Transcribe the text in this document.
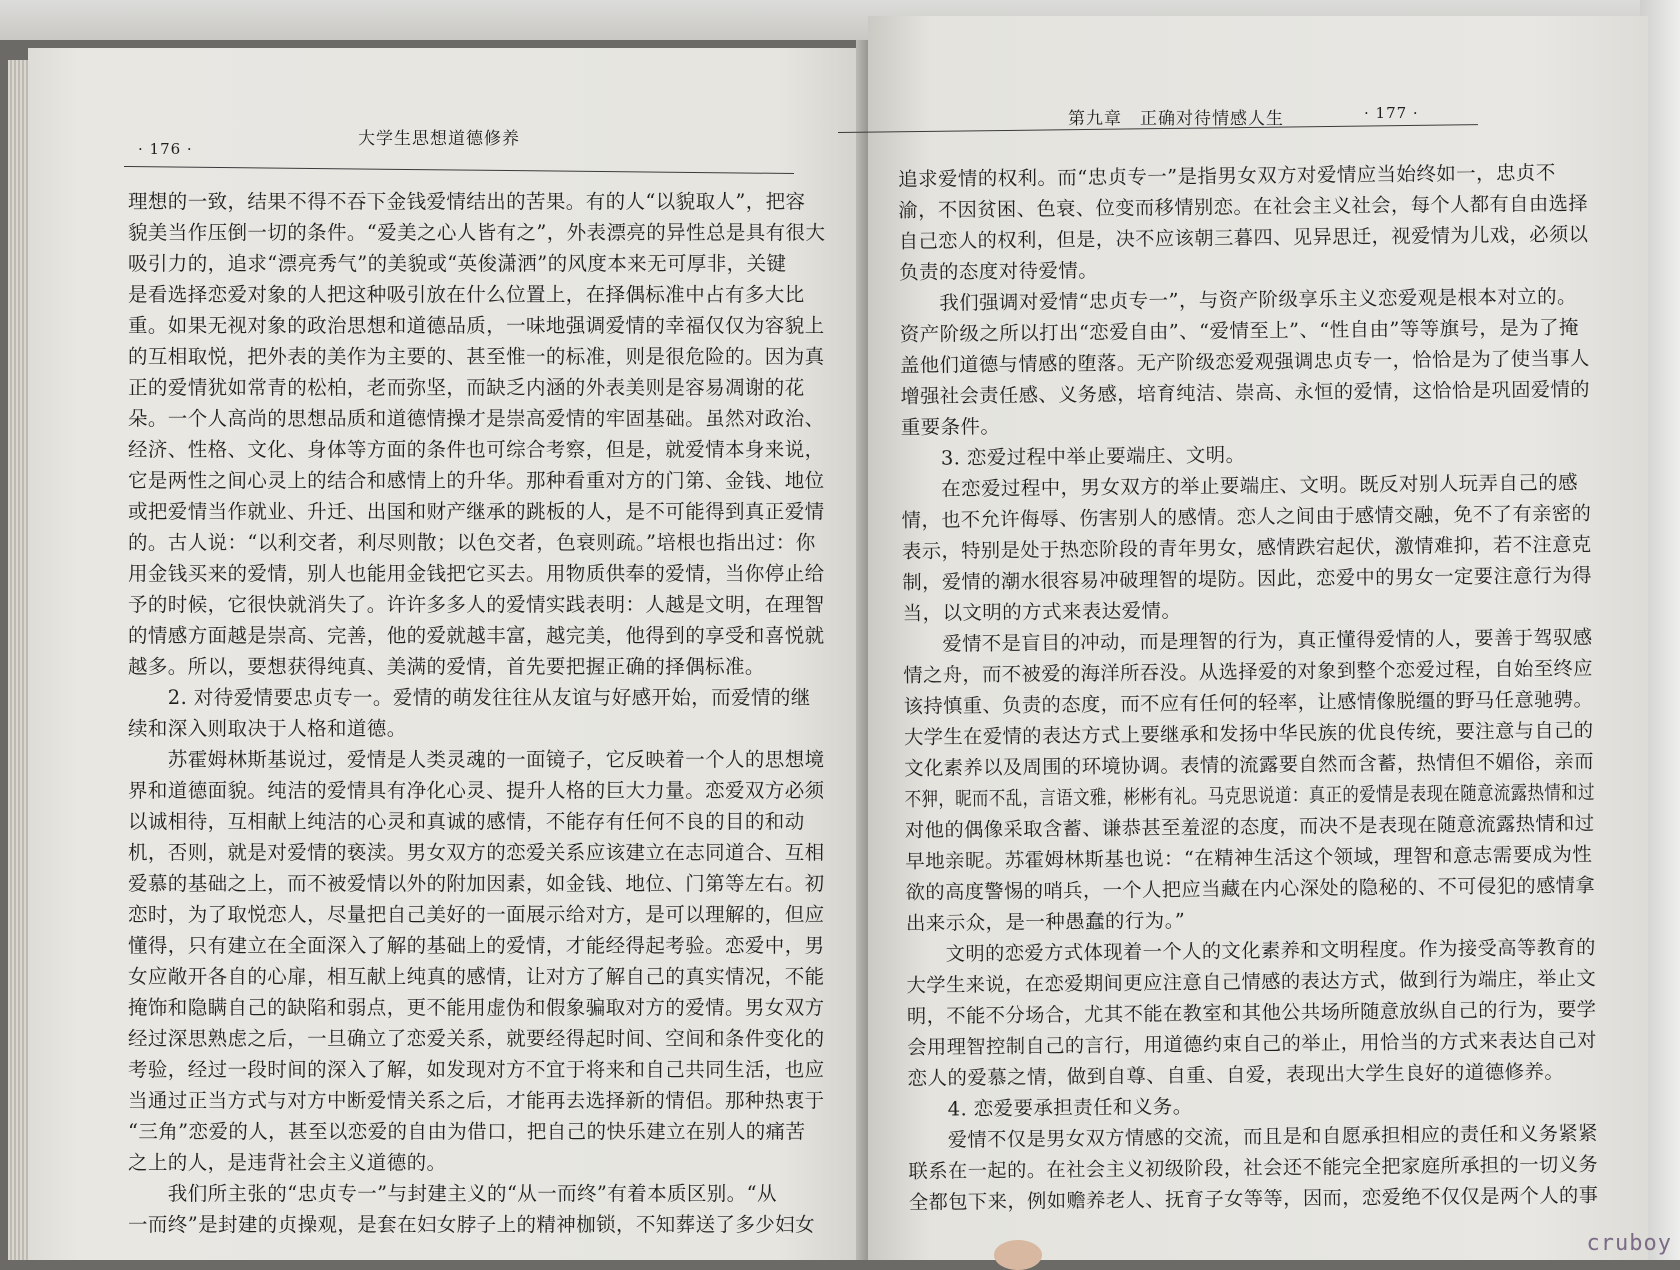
· 176 ·	大学生思想道德修养

理想的一致，结果不得不吞下金钱爱情结出的苦果。有的人“以貌取人”，把容

貌美当作压倒一切的条件。“爱美之心人皆有之”，外表漂亮的异性总是具有很大

吸引力的，追求“漂亮秀气”的美貌或“英俊潇洒”的风度本来无可厚非，关键

是看选择恋爱对象的人把这种吸引放在什么位置上，在择偶标准中占有多大比

重。如果无视对象的政治思想和道德品质，一味地强调爱情的幸福仅仅为容貌上

的互相取悦，把外表的美作为主要的、甚至惟一的标准，则是很危险的。因为真

正的爱情犹如常青的松柏，老而弥坚，而缺乏内涵的外表美则是容易凋谢的花

朵。一个人高尚的思想品质和道德情操才是崇高爱情的牢固基础。虽然对政治、

经济、性格、文化、身体等方面的条件也可综合考察，但是，就爱情本身来说，

它是两性之间心灵上的结合和感情上的升华。那种看重对方的门第、金钱、地位

或把爱情当作就业、升迁、出国和财产继承的跳板的人，是不可能得到真正爱情

的。古人说：“以利交者，利尽则散；以色交者，色衰则疏。”培根也指出过：你

用金钱买来的爱情，别人也能用金钱把它买去。用物质供奉的爱情，当你停止给

予的时候，它很快就消失了。许许多多人的爱情实践表明：人越是文明，在理智

的情感方面越是崇高、完善，他的爱就越丰富，越完美，他得到的享受和喜悦就

越多。所以，要想获得纯真、美满的爱情，首先要把握正确的择偶标准。

　　2. 对待爱情要忠贞专一。爱情的萌发往往从友谊与好感开始，而爱情的继

续和深入则取决于人格和道德。

　　苏霍姆林斯基说过，爱情是人类灵魂的一面镜子，它反映着一个人的思想境

界和道德面貌。纯洁的爱情具有净化心灵、提升人格的巨大力量。恋爱双方必须

以诚相待，互相献上纯洁的心灵和真诚的感情，不能存有任何不良的目的和动

机，否则，就是对爱情的亵渎。男女双方的恋爱关系应该建立在志同道合、互相

爱慕的基础之上，而不被爱情以外的附加因素，如金钱、地位、门第等左右。初

恋时，为了取悦恋人，尽量把自己美好的一面展示给对方，是可以理解的，但应

懂得，只有建立在全面深入了解的基础上的爱情，才能经得起考验。恋爱中，男

女应敞开各自的心扉，相互献上纯真的感情，让对方了解自己的真实情况，不能

掩饰和隐瞒自己的缺陷和弱点，更不能用虚伪和假象骗取对方的爱情。男女双方

经过深思熟虑之后，一旦确立了恋爱关系，就要经得起时间、空间和条件变化的

考验，经过一段时间的深入了解，如发现对方不宜于将来和自己共同生活，也应

当通过正当方式与对方中断爱情关系之后，才能再去选择新的情侣。那种热衷于

“三角”恋爱的人，甚至以恋爱的自由为借口，把自己的快乐建立在别人的痛苦

之上的人，是违背社会主义道德的。

　　我们所主张的“忠贞专一”与封建主义的“从一而终”有着本质区别。“从

一而终”是封建的贞操观，是套在妇女脖子上的精神枷锁，不知葬送了多少妇女

第九章　正确对待情感人生	· 177 ·

追求爱情的权利。而“忠贞专一”是指男女双方对爱情应当始终如一，忠贞不

渝，不因贫困、色衰、位变而移情别恋。在社会主义社会，每个人都有自由选择

自己恋人的权利，但是，决不应该朝三暮四、见异思迁，视爱情为儿戏，必须以

负责的态度对待爱情。

　　我们强调对爱情“忠贞专一”，与资产阶级享乐主义恋爱观是根本对立的。

资产阶级之所以打出“恋爱自由”、“爱情至上”、“性自由”等等旗号，是为了掩

盖他们道德与情感的堕落。无产阶级恋爱观强调忠贞专一，恰恰是为了使当事人

增强社会责任感、义务感，培育纯洁、崇高、永恒的爱情，这恰恰是巩固爱情的

重要条件。

　　3. 恋爱过程中举止要端庄、文明。

　　在恋爱过程中，男女双方的举止要端庄、文明。既反对别人玩弄自己的感

情，也不允许侮辱、伤害别人的感情。恋人之间由于感情交融，免不了有亲密的

表示，特别是处于热恋阶段的青年男女，感情跌宕起伏，激情难抑，若不注意克

制，爱情的潮水很容易冲破理智的堤防。因此，恋爱中的男女一定要注意行为得

当，以文明的方式来表达爱情。

　　爱情不是盲目的冲动，而是理智的行为，真正懂得爱情的人，要善于驾驭感

情之舟，而不被爱的海洋所吞没。从选择爱的对象到整个恋爱过程，自始至终应

该持慎重、负责的态度，而不应有任何的轻率，让感情像脱缰的野马任意驰骋。

大学生在爱情的表达方式上要继承和发扬中华民族的优良传统，要注意与自己的

文化素养以及周围的环境协调。表情的流露要自然而含蓄，热情但不媚俗，亲而

不狎，昵而不乱，言语文雅，彬彬有礼。马克思说道：真正的爱情是表现在随意流露热情和过

对他的偶像采取含蓄、谦恭甚至羞涩的态度，而决不是表现在随意流露热情和过

早地亲昵。苏霍姆林斯基也说：“在精神生活这个领域，理智和意志需要成为性

欲的高度警惕的哨兵，一个人把应当藏在内心深处的隐秘的、不可侵犯的感情拿

出来示众，是一种愚蠢的行为。”

　　文明的恋爱方式体现着一个人的文化素养和文明程度。作为接受高等教育的

大学生来说，在恋爱期间更应注意自己情感的表达方式，做到行为端庄，举止文

明，不能不分场合，尤其不能在教室和其他公共场所随意放纵自己的行为，要学

会用理智控制自己的言行，用道德约束自己的举止，用恰当的方式来表达自己对

恋人的爱慕之情，做到自尊、自重、自爱，表现出大学生良好的道德修养。

　　4. 恋爱要承担责任和义务。

　　爱情不仅是男女双方情感的交流，而且是和自愿承担相应的责任和义务紧紧

联系在一起的。在社会主义初级阶段，社会还不能完全把家庭所承担的一切义务

全都包下来，例如赡养老人、抚育子女等等，因而，恋爱绝不仅仅是两个人的事

cruboy
